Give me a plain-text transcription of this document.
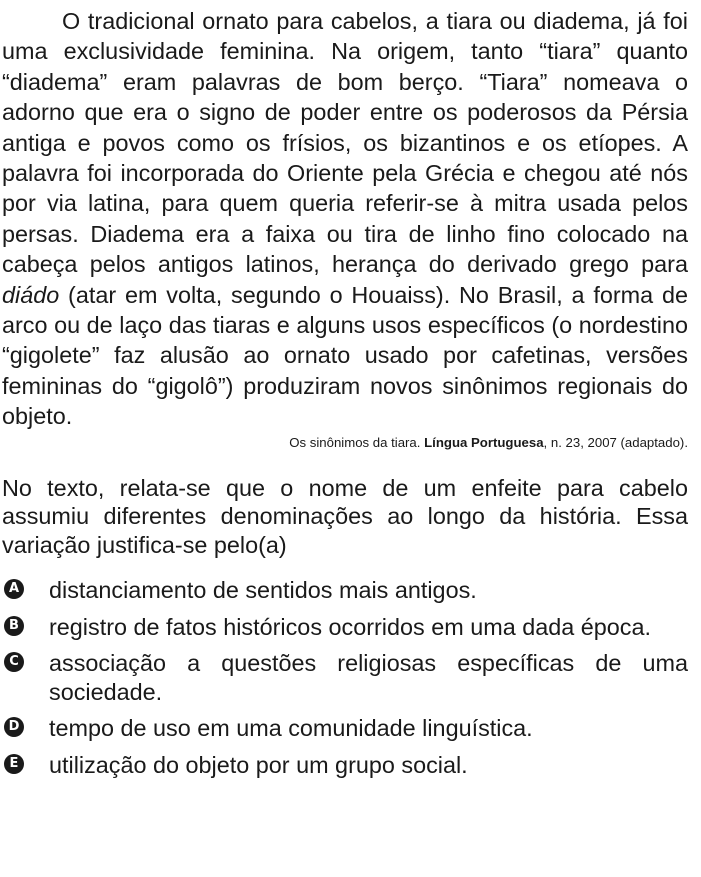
O tradicional ornato para cabelos, a tiara ou diadema, já foi uma exclusividade feminina. Na origem, tanto “tiara” quanto “diadema” eram palavras de bom berço. “Tiara” nomeava o adorno que era o signo de poder entre os poderosos da Pérsia antiga e povos como os frísios, os bizantinos e os etíopes. A palavra foi incorporada do Oriente pela Grécia e chegou até nós por via latina, para quem queria referir-se à mitra usada pelos persas. Diadema era a faixa ou tira de linho fino colocado na cabeça pelos antigos latinos, herança do derivado grego para diádo (atar em volta, segundo o Houaiss). No Brasil, a forma de arco ou de laço das tiaras e alguns usos específicos (o nordestino “gigolete” faz alusão ao ornato usado por cafetinas, versões femininas do “gigolô”) produziram novos sinônimos regionais do objeto.

Os sinônimos da tiara. Língua Portuguesa, n. 23, 2007 (adaptado).

No texto, relata-se que o nome de um enfeite para cabelo assumiu diferentes denominações ao longo da história. Essa variação justifica-se pelo(a)

A distanciamento de sentidos mais antigos.
B registro de fatos históricos ocorridos em uma dada época.
C associação a questões religiosas específicas de uma sociedade.
D tempo de uso em uma comunidade linguística.
E utilização do objeto por um grupo social.
